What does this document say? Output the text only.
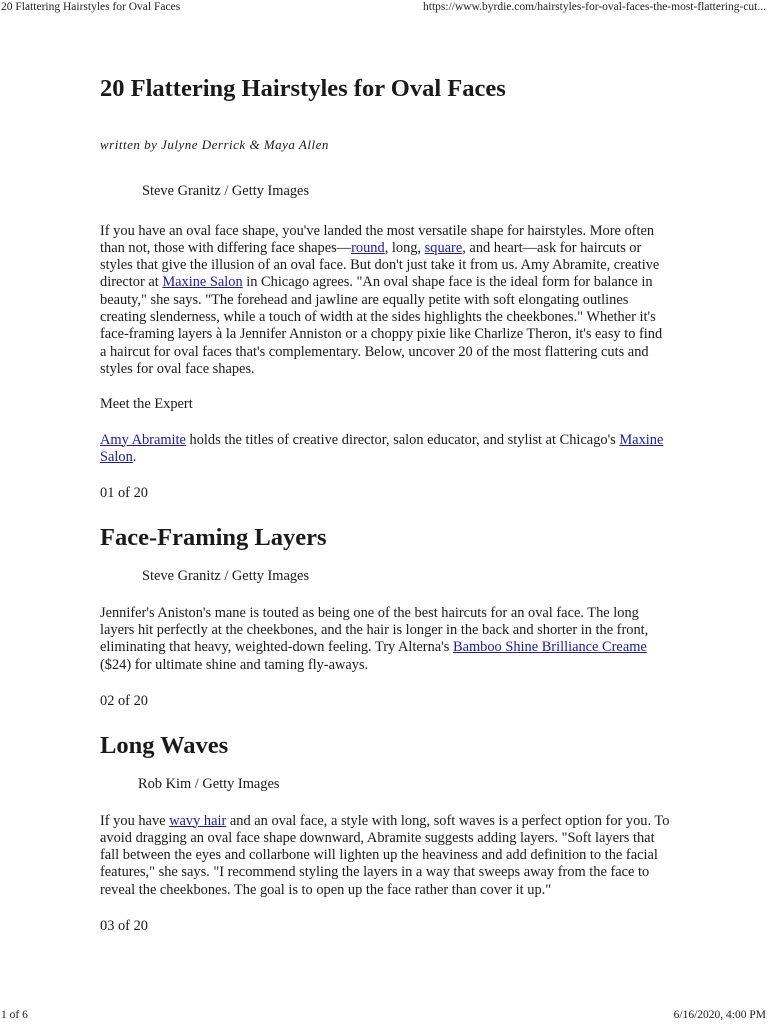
20 Flattering Hairstyles for Oval Faces	https://www.byrdie.com/hairstyles-for-oval-faces-the-most-flattering-cut...
20 Flattering Hairstyles for Oval Faces

written by Julyne Derrick & Maya Allen

Steve Granitz / Getty Images

If you have an oval face shape, you've landed the most versatile shape for hairstyles. More often than not, those with differing face shapes—round, long, square, and heart—ask for haircuts or styles that give the illusion of an oval face. But don't just take it from us. Amy Abramite, creative director at Maxine Salon in Chicago agrees. "An oval shape face is the ideal form for balance in beauty," she says. "The forehead and jawline are equally petite with soft elongating outlines creating slenderness, while a touch of width at the sides highlights the cheekbones." Whether it's face-framing layers à la Jennifer Anniston or a choppy pixie like Charlize Theron, it's easy to find a haircut for oval faces that's complementary. Below, uncover 20 of the most flattering cuts and styles for oval face shapes.

Meet the Expert

Amy Abramite holds the titles of creative director, salon educator, and stylist at Chicago's Maxine Salon.

01 of 20

Face-Framing Layers

Steve Granitz / Getty Images

Jennifer's Aniston's mane is touted as being one of the best haircuts for an oval face. The long layers hit perfectly at the cheekbones, and the hair is longer in the back and shorter in the front, eliminating that heavy, weighted-down feeling. Try Alterna's Bamboo Shine Brilliance Creame ($24) for ultimate shine and taming fly-aways.

02 of 20

Long Waves

Rob Kim / Getty Images

If you have wavy hair and an oval face, a style with long, soft waves is a perfect option for you. To avoid dragging an oval face shape downward, Abramite suggests adding layers. "Soft layers that fall between the eyes and collarbone will lighten up the heaviness and add definition to the facial features," she says. "I recommend styling the layers in a way that sweeps away from the face to reveal the cheekbones. The goal is to open up the face rather than cover it up."

03 of 20

1 of 6	6/16/2020, 4:00 PM
